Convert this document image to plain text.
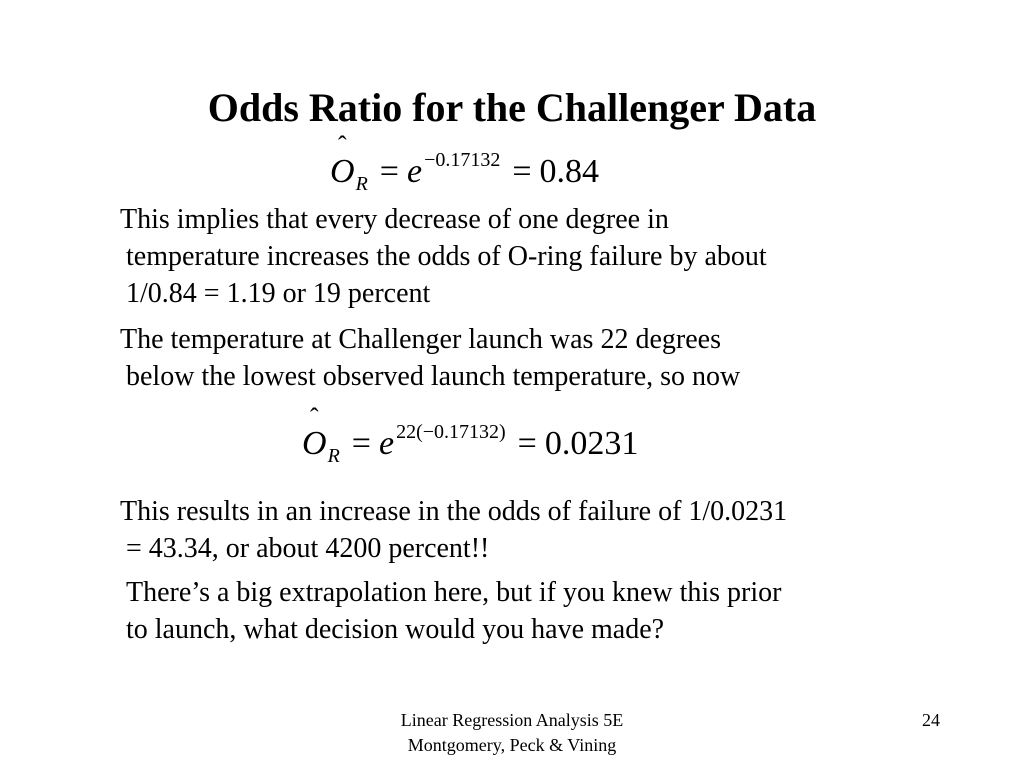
Odds Ratio for the Challenger Data
ˆ
$O_R = e$ $^{-0.17132}$ = 0.84
This implies that every decrease of one degree in
temperature increases the odds of O-ring failure by about
1/0.84 = 1.19 or 19 percent
The temperature at Challenger launch was 22 degrees
below the lowest observed launch temperature, so now
ˆ
$O_R = e$ $^{22(-0.17132)}$ = 0.0231
This results in an increase in the odds of failure of 1/0.0231
= 43.34, or about 4200 percent!!
There’s a big extrapolation here, but if you knew this prior
to launch, what decision would you have made?
Linear Regression Analysis 5E
Montgomery, Peck & Vining
24
